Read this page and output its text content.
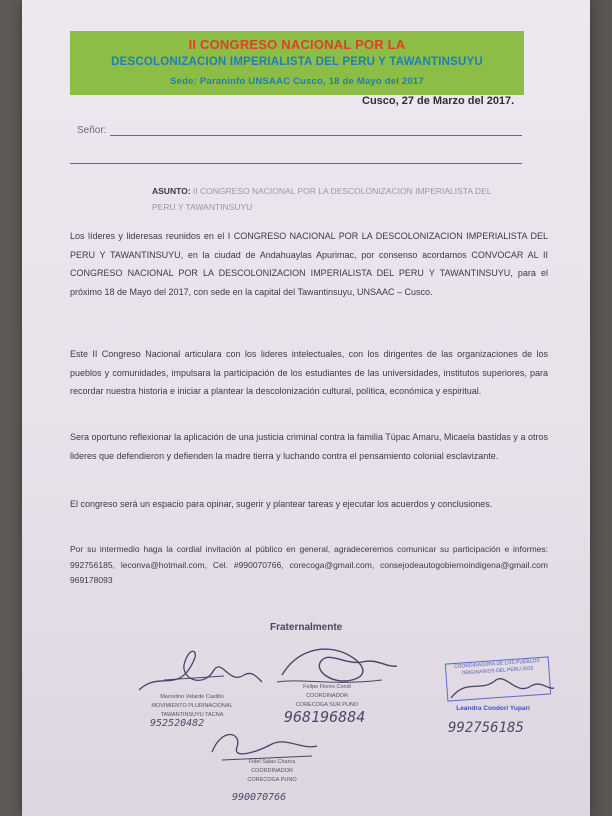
II CONGRESO NACIONAL POR LA
DESCOLONIZACION IMPERIALISTA DEL PERU Y TAWANTINSUYU
Sede: Paraninfo UNSAAC Cusco, 18 de Mayo del 2017
Cusco, 27 de Marzo del 2017.
Señor:
ASUNTO: II CONGRESO NACIONAL POR LA DESCOLONIZACION IMPERIALISTA DEL PERU Y TAWANTINSUYU
Los líderes y lideresas reunidos en el I CONGRESO NACIONAL POR LA DESCOLONIZACION IMPERIALISTA DEL PERU Y TAWANTINSUYU, en la ciudad de Andahuaylas Apurimac, por consenso acordamos CONVOCAR AL II CONGRESO NACIONAL POR LA DESCOLONIZACION IMPERIALISTA DEL PERU Y TAWANTINSUYU, para el próximo 18 de Mayo del 2017, con sede en la capital del Tawantinsuyu, UNSAAC – Cusco.
Este II Congreso Nacional articulara con los lideres intelectuales, con los dirigentes de las organizaciones de los pueblos y comunidades, impulsara la participación de los estudiantes de las universidades, institutos superiores, para recordar nuestra historia e iniciar a plantear la descolonización cultural, política, económica y espiritual.
Sera oportuno reflexionar la aplicación de una justicia criminal contra la familia Túpac Amaru, Micaela bastidas y a otros lideres que defendieron y defienden la madre tierra y luchando contra el pensamiento colonial esclavizante.
El congreso será un espacio para opinar, sugerir y plantear tareas y ejecutar los acuerdos y conclusiones.
Por su intermedio haga la cordial invitación al público en general, agradeceremos comunicar su participación e informes: 992756185, leconva@hotmail.com, Cel. #990070766, corecoga@gmail.com, consejodeautogobiernoindigena@gmail.com 969178093
Fraternalmente
Marcelino Velarde Castillo
MOVIMIENTO PLURINACIONAL
TAWANTINSUYU TACNA
952520482
Felipe Flores Condi
COORDINADOR
CORECOGA SUR PUNO
968196884
COORDINADORA DE LOS PUEBLOS ORIGINARIOS DEL PERU 2015
Leandra Condori Yupari
992756185
Fidel Salas Charca
COORDINADOR
CORECOGA PUNO
990070766
